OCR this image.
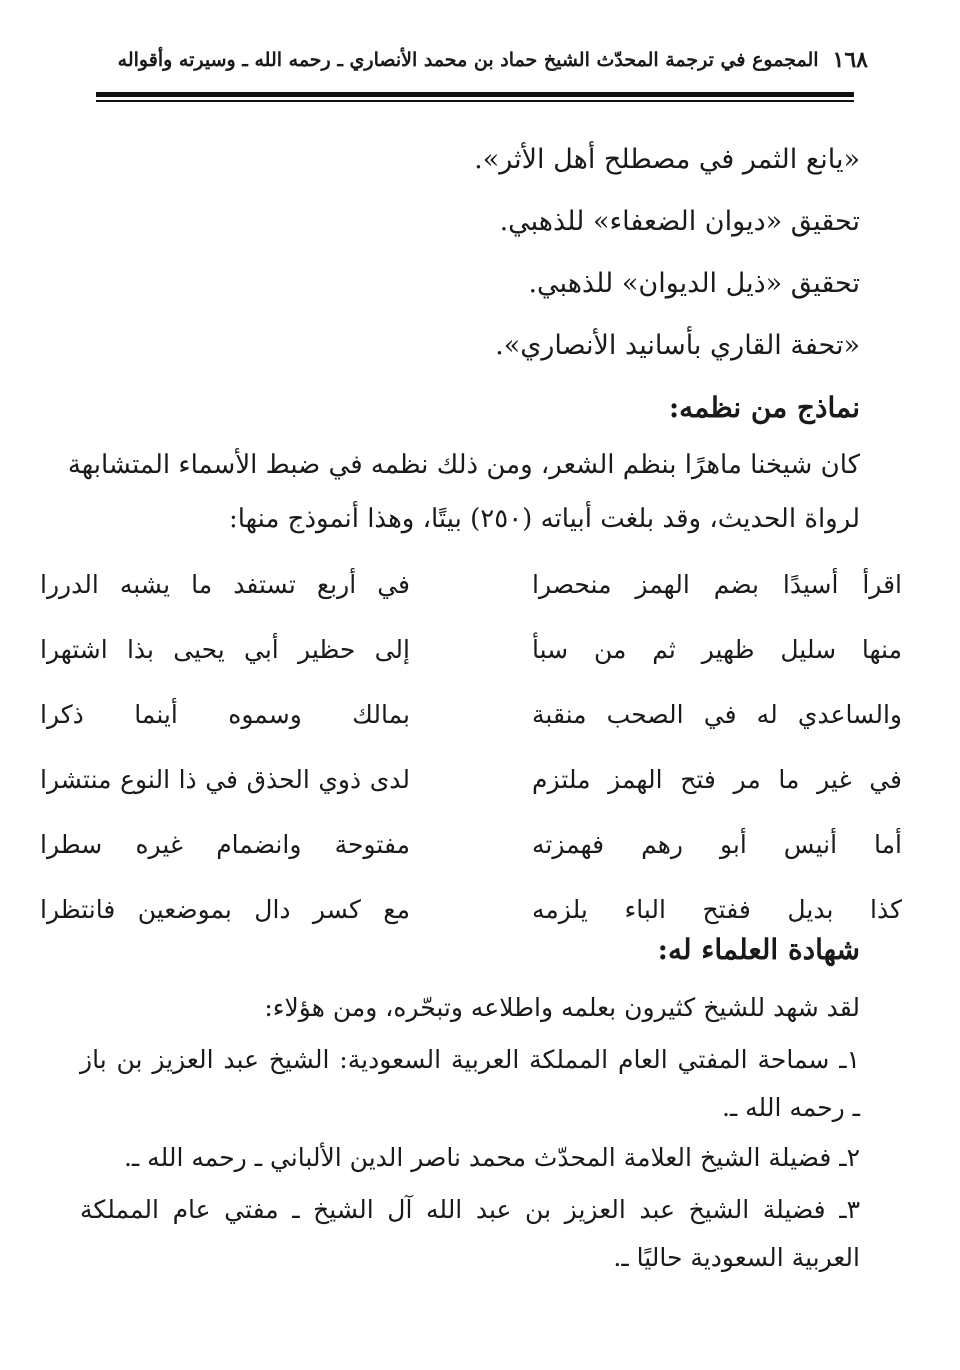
١٦٨
المجموع في ترجمة المحدّث الشيخ حماد بن محمد الأنصاري ـ رحمه الله ـ وسيرته وأقواله
«يانع الثمر في مصطلح أهل الأثر».
تحقيق «ديوان الضعفاء» للذهبي.
تحقيق «ذيل الديوان» للذهبي.
«تحفة القاري بأسانيد الأنصاري».
نماذج من نظمه:
كان شيخنا ماهرًا بنظم الشعر، ومن ذلك نظمه في ضبط الأسماء المتشابهة
لرواة الحديث، وقد بلغت أبياته (٢٥٠) بيتًا، وهذا أنموذج منها:
اقرأ أسيدًا بضم الهمز منحصرا
في أربع تستفد ما يشبه الدررا
منها سليل ظهير ثم من سبأ
إلى حظير أبي يحيى بذا اشتهرا
والساعدي له في الصحب منقبة
بمالك وسموه أينما ذكرا
في غير ما مر فتح الهمز ملتزم
لدى ذوي الحذق في ذا النوع منتشرا
أما أنيس أبو رهم فهمزته
مفتوحة وانضمام غيره سطرا
كذا بديل ففتح الباء يلزمه
مع كسر دال بموضعين فانتظرا
شهادة العلماء له:
لقد شهد للشيخ كثيرون بعلمه واطلاعه وتبحّره، ومن هؤلاء:
١ـ سماحة المفتي العام المملكة العربية السعودية: الشيخ عبد العزيز بن باز
ـ رحمه الله ـ.
٢ـ فضيلة الشيخ العلامة المحدّث محمد ناصر الدين الألباني ـ رحمه الله ـ.
٣ـ فضيلة الشيخ عبد العزيز بن عبد الله آل الشيخ ـ مفتي عام المملكة
العربية السعودية حاليًا ـ.
